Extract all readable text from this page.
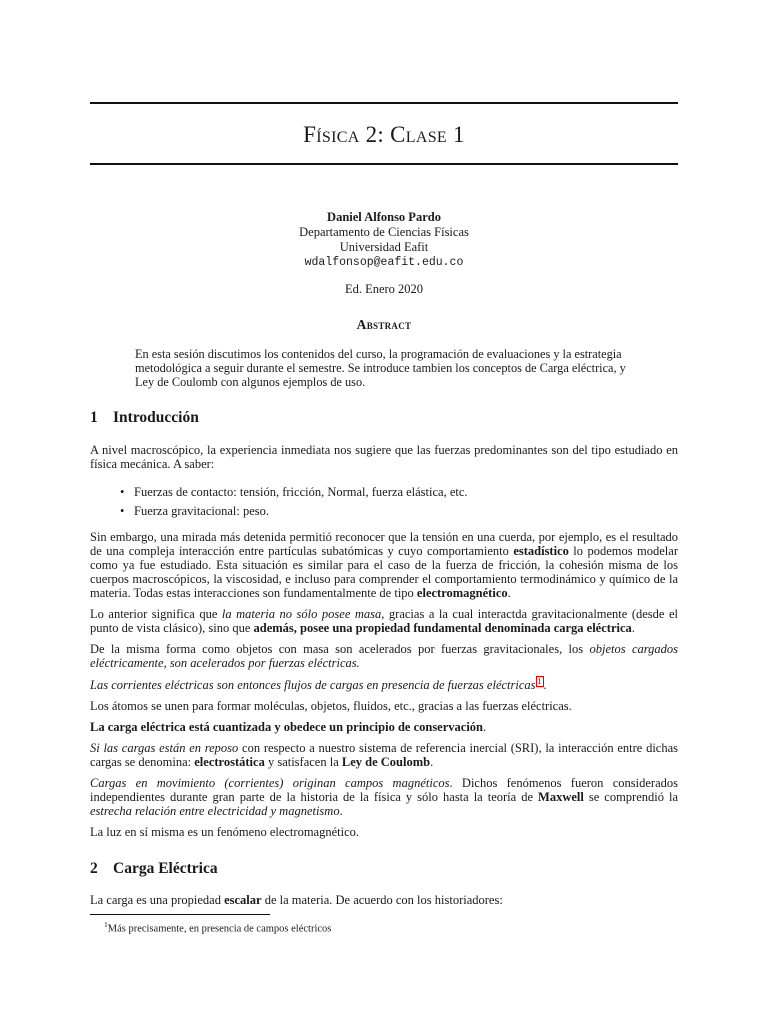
Física 2: Clase 1
Daniel Alfonso Pardo
Departamento de Ciencias Físicas
Universidad Eafit
wdalfonsop@eafit.edu.co
Ed. Enero 2020
Abstract
En esta sesión discutimos los contenidos del curso, la programación de evaluaciones y la estrategia metodológica a seguir durante el semestre. Se introduce tambien los conceptos de Carga eléctrica, y Ley de Coulomb con algunos ejemplos de uso.
1 Introducción

A nivel macroscópico, la experiencia inmediata nos sugiere que las fuerzas predominantes son del tipo estudiado en física mecánica. A saber:

• Fuerzas de contacto: tensión, fricción, Normal, fuerza elástica, etc.
• Fuerza gravitacional: peso.

Sin embargo, una mirada más detenida permitió reconocer que la tensión en una cuerda, por ejemplo, es el resultado de una compleja interacción entre partículas subatómicas y cuyo comportamiento estadístico lo podemos modelar como ya fue estudiado. Esta situación es similar para el caso de la fuerza de fricción, la cohesión misma de los cuerpos macroscópicos, la viscosidad, e incluso para comprender el comportamiento termodinámico y químico de la materia. Todas estas interacciones son fundamentalmente de tipo electromagnético.

Lo anterior significa que la materia no sólo posee masa, gracias a la cual interactda gravitacionalmente (desde el punto de vista clásico), sino que además, posee una propiedad fundamental denominada carga eléctrica.

De la misma forma como objetos con masa son acelerados por fuerzas gravitacionales, los objetos cargados eléctricamente, son acelerados por fuerzas eléctricas.

Las corrientes eléctricas son entonces flujos de cargas en presencia de fuerzas eléctricas $^1$ .

Los átomos se unen para formar moléculas, objetos, fluidos, etc., gracias a las fuerzas eléctricas.

La carga eléctrica está cuantizada y obedece un principio de conservación.

Si las cargas están en reposo con respecto a nuestro sistema de referencia inercial (SRI), la interacción entre dichas cargas se denomina: electrostática y satisfacen la Ley de Coulomb.

Cargas en movimiento (corrientes) originan campos magnéticos. Dichos fenómenos fueron considerados independientes durante gran parte de la historia de la física y sólo hasta la teoría de Maxwell se comprendió la estrecha relación entre electricidad y magnetismo.

La luz en sí misma es un fenómeno electromagnético.

2 Carga Eléctrica

La carga es una propiedad escalar de la materia. De acuerdo con los historiadores:

$^1$Más precisamente, en presencia de campos eléctricos
